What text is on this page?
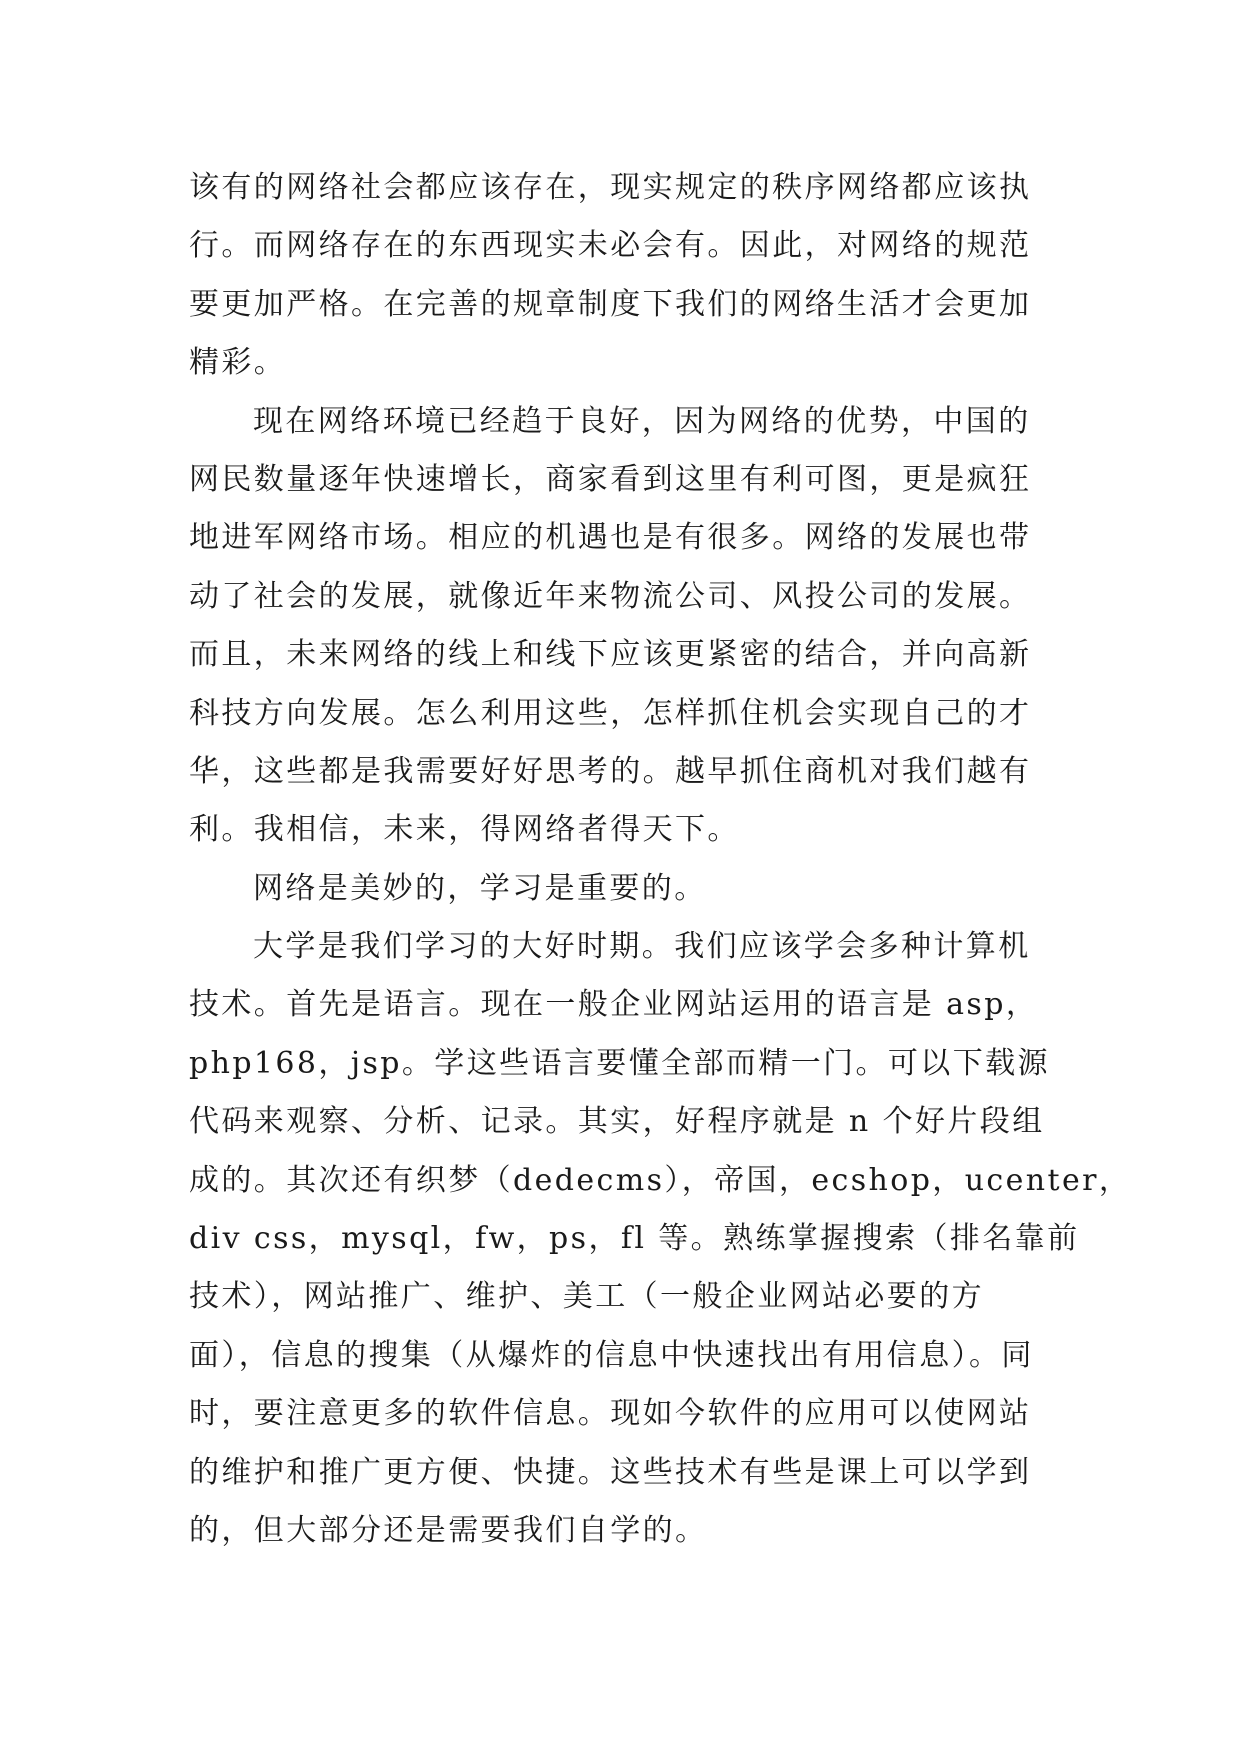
该有的网络社会都应该存在，现实规定的秩序网络都应该执
行。而网络存在的东西现实未必会有。因此，对网络的规范
要更加严格。在完善的规章制度下我们的网络生活才会更加
精彩。
现在网络环境已经趋于良好，因为网络的优势，中国的
网民数量逐年快速增长，商家看到这里有利可图，更是疯狂
地进军网络市场。相应的机遇也是有很多。网络的发展也带
动了社会的发展，就像近年来物流公司、风投公司的发展。
而且，未来网络的线上和线下应该更紧密的结合，并向高新
科技方向发展。怎么利用这些，怎样抓住机会实现自己的才
华，这些都是我需要好好思考的。越早抓住商机对我们越有
利。我相信，未来，得网络者得天下。
网络是美妙的，学习是重要的。
大学是我们学习的大好时期。我们应该学会多种计算机
技术。首先是语言。现在一般企业网站运用的语言是 asp，
php168，jsp。学这些语言要懂全部而精一门。可以下载源
代码来观察、分析、记录。其实，好程序就是 n 个好片段组
成的。其次还有织梦（dedecms），帝国，ecshop，ucenter，
div css，mysql，fw，ps，fl 等。熟练掌握搜索（排名靠前
技术），网站推广、维护、美工（一般企业网站必要的方
面），信息的搜集（从爆炸的信息中快速找出有用信息）。同
时，要注意更多的软件信息。现如今软件的应用可以使网站
的维护和推广更方便、快捷。这些技术有些是课上可以学到
的，但大部分还是需要我们自学的。
